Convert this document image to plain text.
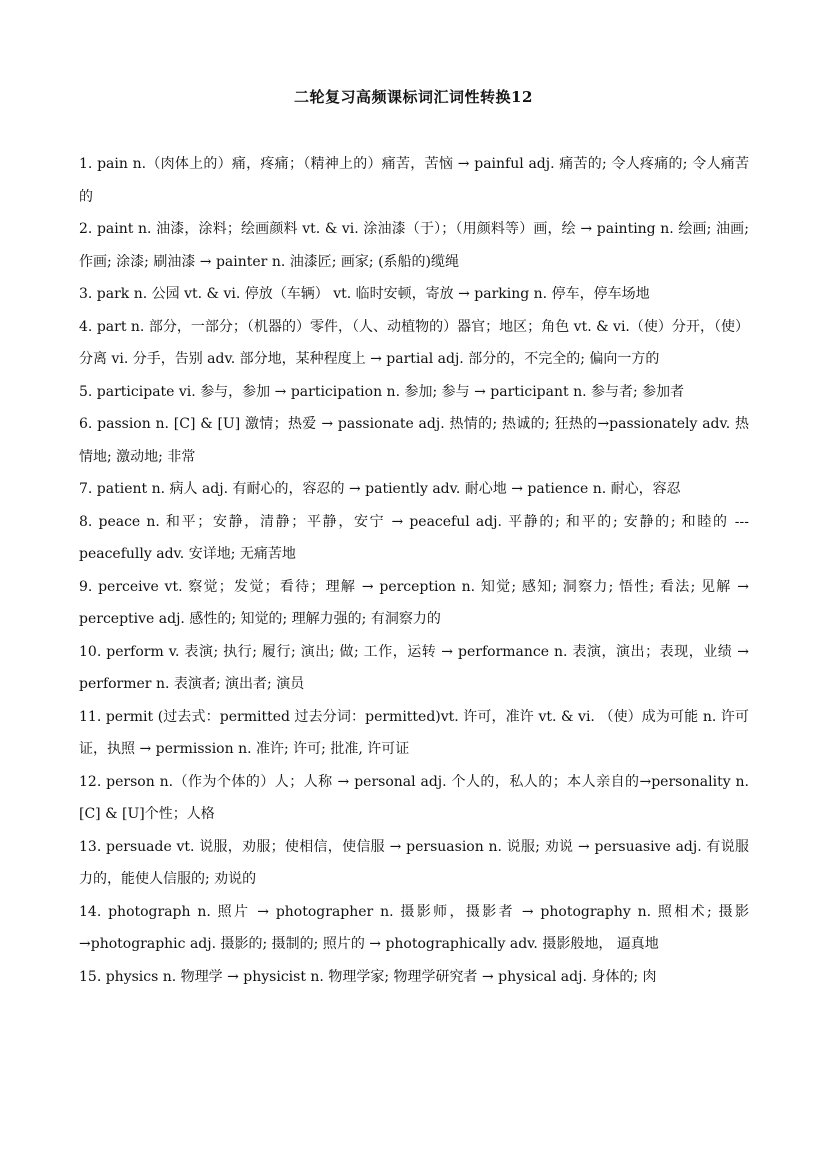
二轮复习高频课标词汇词性转换12

1. pain n.（肉体上的）痛，疼痛；（精神上的）痛苦，苦恼 → painful adj. 痛苦的; 令人疼痛的; 令人痛苦的

2. paint n. 油漆，涂料；绘画颜料 vt. & vi. 涂油漆（于）；（用颜料等）画，绘 → painting n. 绘画; 油画; 作画; 涂漆; 刷油漆 → painter n. 油漆匠; 画家; (系船的)缆绳

3. park n. 公园 vt. & vi. 停放（车辆） vt. 临时安顿，寄放 → parking n. 停车，停车场地

4. part n. 部分，一部分；（机器的）零件，（人、动植物的）器官；地区；角色 vt. & vi.（使）分开，（使）分离 vi. 分手，告别 adv. 部分地，某种程度上 → partial adj. 部分的，不完全的; 偏向一方的

5. participate vi. 参与，参加 → participation n. 参加; 参与 → participant n. 参与者; 参加者

6. passion n. [C] & [U] 激情；热爱 → passionate adj. 热情的; 热诚的; 狂热的→passionately adv. 热情地; 激动地; 非常

7. patient n. 病人 adj. 有耐心的，容忍的 → patiently adv. 耐心地 → patience n. 耐心，容忍

8. peace n. 和平；安静，清静；平静，安宁 → peaceful adj. 平静的; 和平的; 安静的; 和睦的 --- peacefully adv. 安详地; 无痛苦地

9. perceive vt. 察觉；发觉；看待；理解 → perception n. 知觉; 感知; 洞察力; 悟性; 看法; 见解 → perceptive adj. 感性的; 知觉的; 理解力强的; 有洞察力的

10. perform v. 表演; 执行; 履行; 演出; 做; 工作，运转 → performance n. 表演，演出；表现，业绩 → performer n. 表演者; 演出者; 演员

11. permit (过去式：permitted 过去分词：permitted)vt. 许可，准许 vt. & vi. （使）成为可能 n. 许可证，执照 → permission n. 准许; 许可; 批准, 许可证

12. person n.（作为个体的）人；人称 → personal adj. 个人的，私人的；本人亲自的→personality n. [C] & [U]个性；人格

13. persuade vt. 说服，劝服；使相信，使信服 → persuasion n. 说服; 劝说 → persuasive adj. 有说服力的，能使人信服的; 劝说的

14. photograph n. 照片 → photographer n. 摄影师，摄影者 → photography n. 照相术; 摄影→photographic adj. 摄影的; 摄制的; 照片的 → photographically adv. 摄影般地， 逼真地

15. physics n. 物理学 → physicist n. 物理学家; 物理学研究者 → physical adj. 身体的; 肉
